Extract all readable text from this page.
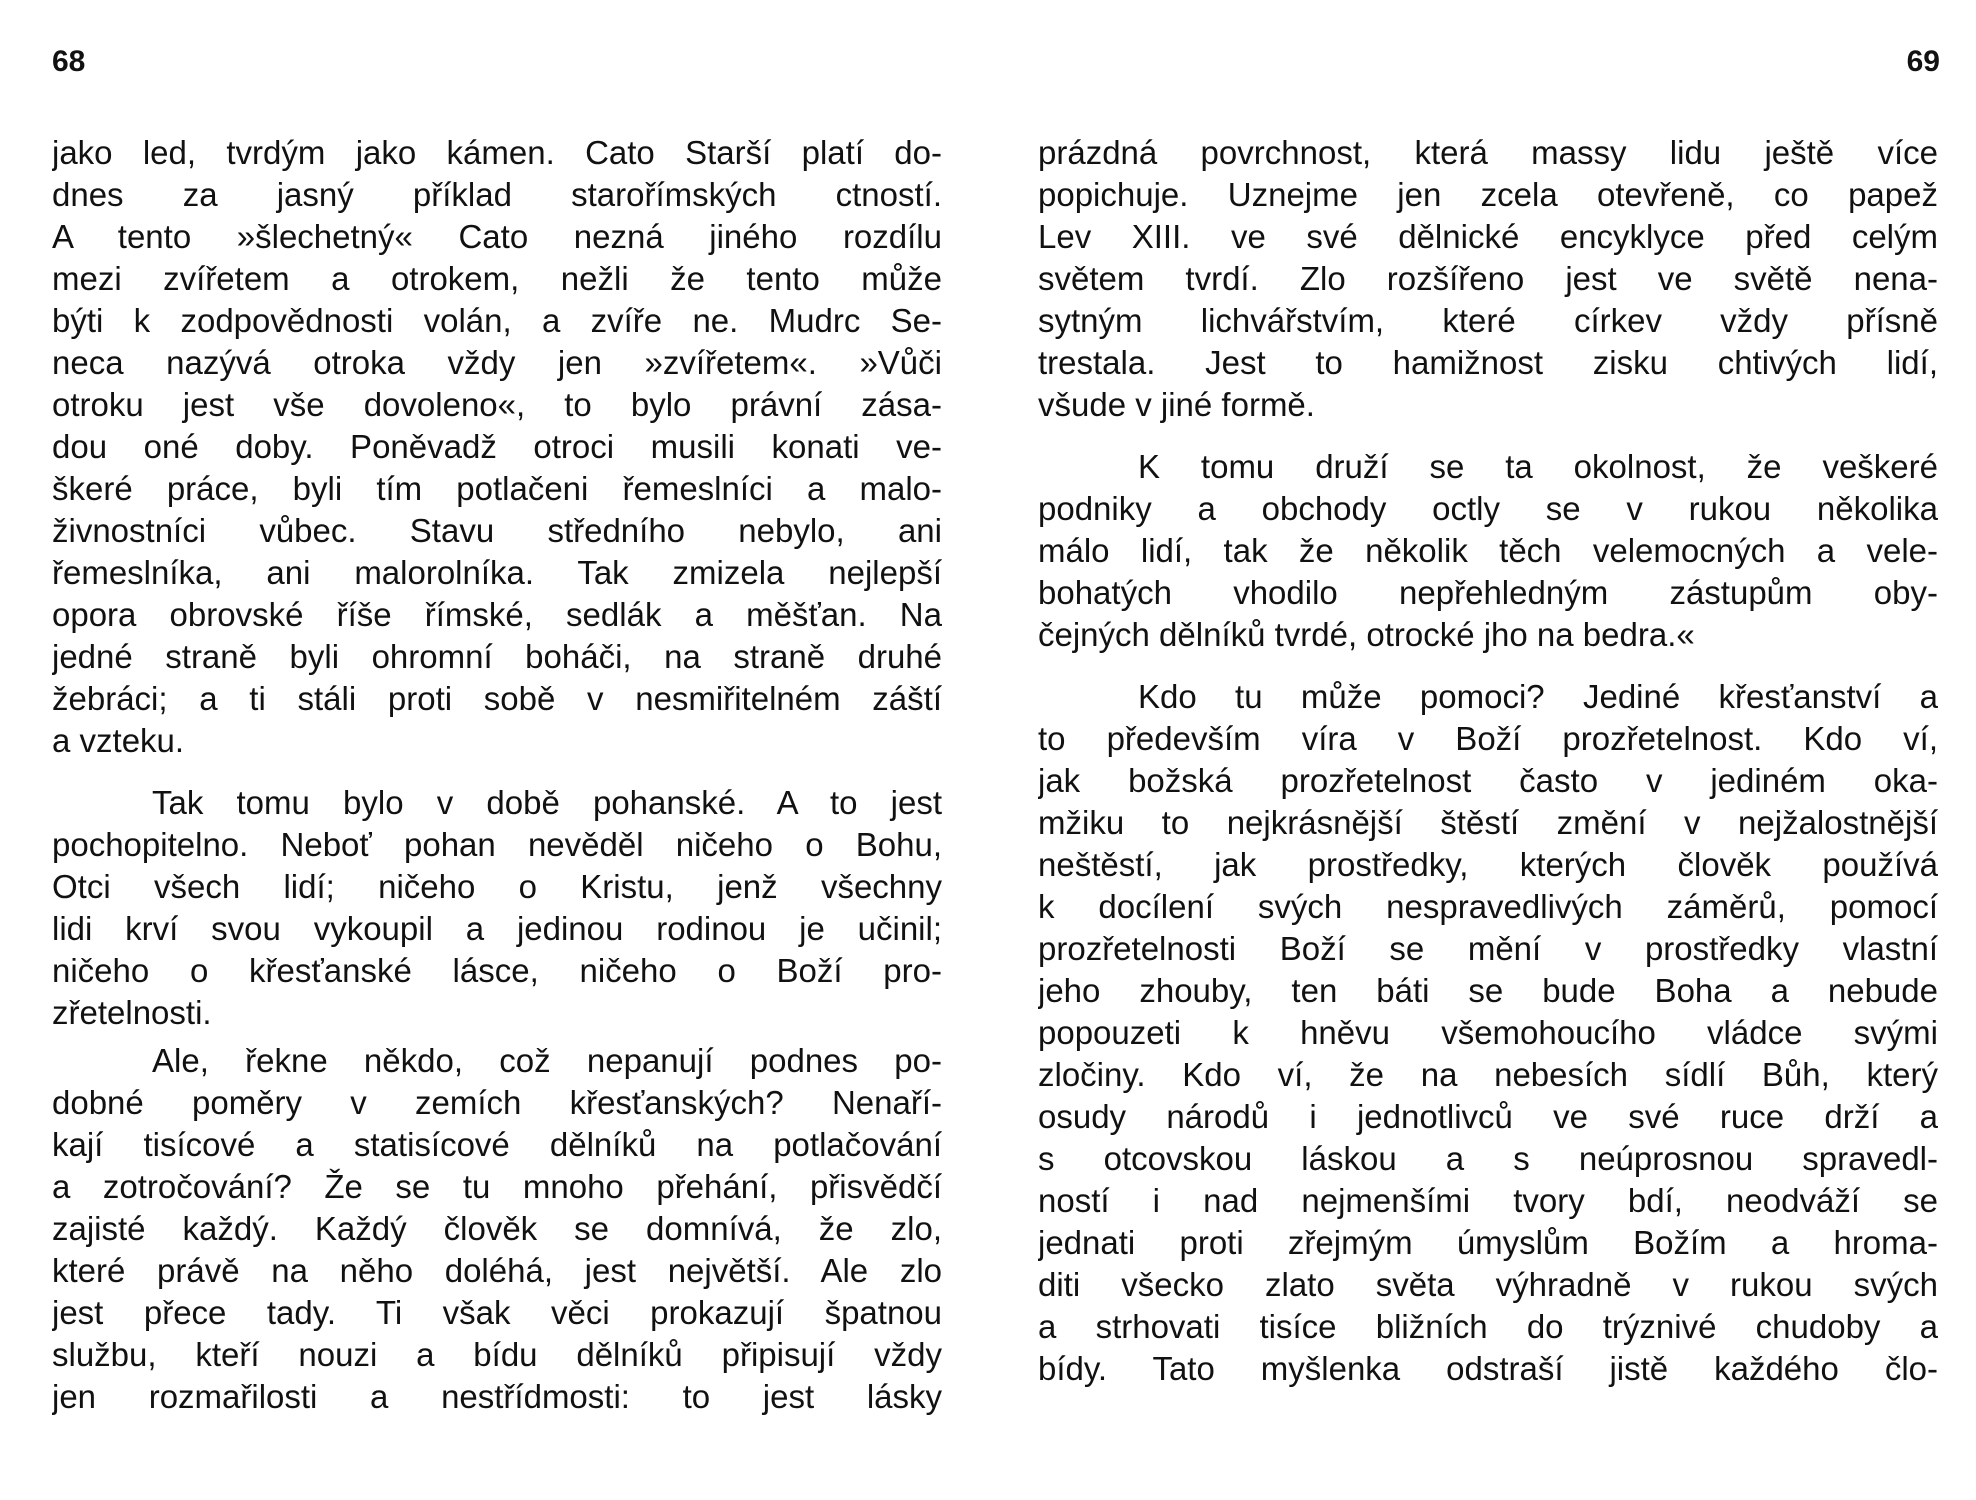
68
jako led, tvrdým jako kámen. Cato Starší platí do-
dnes za jasný příklad starořímských ctností.
A tento »šlechetný« Cato nezná jiného rozdílu
mezi zvířetem a otrokem, nežli že tento může
býti k zodpovědnosti volán, a zvíře ne. Mudrc Se-
neca nazývá otroka vždy jen »zvířetem«. »Vůči
otroku jest vše dovoleno«, to bylo právní zása-
dou oné doby. Poněvadž otroci musili konati ve-
škeré práce, byli tím potlačeni řemeslníci a malo-
živnostníci vůbec. Stavu středního nebylo, ani
řemeslníka, ani malorolníka. Tak zmizela nejlepší
opora obrovské říše římské, sedlák a měšťan. Na
jedné straně byli ohromní boháči, na straně druhé
žebráci; a ti stáli proti sobě v nesmiřitelném záští
a vzteku.
Tak tomu bylo v době pohanské. A to jest
pochopitelno. Neboť pohan nevěděl ničeho o Bohu,
Otci všech lidí; ničeho o Kristu, jenž všechny
lidi krví svou vykoupil a jedinou rodinou je učinil;
ničeho o křesťanské lásce, ničeho o Boží pro-
zřetelnosti.
Ale, řekne někdo, což nepanují podnes po-
dobné poměry v zemích křesťanských? Nenaří-
kají tisícové a statisícové dělníků na potlačování
a zotročování? Že se tu mnoho přehání, přisvědčí
zajisté každý. Každý člověk se domnívá, že zlo,
které právě na něho doléhá, jest největší. Ale zlo
jest přece tady. Ti však věci prokazují špatnou
službu, kteří nouzi a bídu dělníků připisují vždy
jen rozmařilosti a nestřídmosti: to jest lásky
69
prázdná povrchnost, která massy lidu ještě více
popichuje. Uznejme jen zcela otevřeně, co papež
Lev XIII. ve své dělnické encyklyce před celým
světem tvrdí. Zlo rozšířeno jest ve světě nena-
sytným lichvářstvím, které církev vždy přísně
trestala. Jest to hamižnost zisku chtivých lidí,
všude v jiné formě.
K tomu druží se ta okolnost, že veškeré
podniky a obchody octly se v rukou několika
málo lidí, tak že několik těch velemocných a vele-
bohatých vhodilo nepřehledným zástupům oby-
čejných dělníků tvrdé, otrocké jho na bedra.«
Kdo tu může pomoci? Jediné křesťanství a
to především víra v Boží prozřetelnost. Kdo ví,
jak božská prozřetelnost často v jediném oka-
mžiku to nejkrásnější štěstí změní v nejžalostnější
neštěstí, jak prostředky, kterých člověk používá
k docílení svých nespravedlivých záměrů, pomocí
prozřetelnosti Boží se mění v prostředky vlastní
jeho zhouby, ten báti se bude Boha a nebude
popouzeti k hněvu všemohoucího vládce svými
zločiny. Kdo ví, že na nebesích sídlí Bůh, který
osudy národů i jednotlivců ve své ruce drží a
s otcovskou láskou a s neúprosnou spravedl-
ností i nad nejmenšími tvory bdí, neodváží se
jednati proti zřejmým úmyslům Božím a hroma-
diti všecko zlato světa výhradně v rukou svých
a strhovati tisíce bližních do trýznivé chudoby a
bídy. Tato myšlenka odstraší jistě každého člo-
